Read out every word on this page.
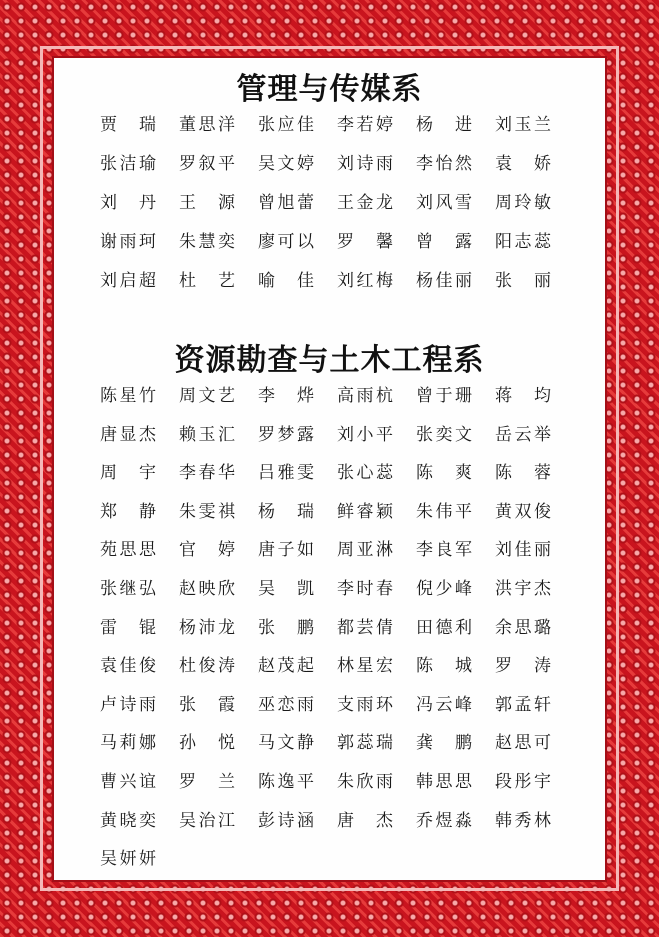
管理与传媒系
贾 瑞 董思洋 张应佳 李若婷 杨 进 刘玉兰
张洁瑜 罗叙平 吴文婷 刘诗雨 李怡然 袁 娇
刘 丹 王 源 曾旭蕾 王金龙 刘风雪 周玲敏
谢雨珂 朱慧奕 廖可以 罗 馨 曾 露 阳志蕊
刘启超 杜 艺 喻 佳 刘红梅 杨佳丽 张 丽
资源勘查与土木工程系
陈星竹 周文艺 李 烨 高雨杭 曾于珊 蒋 均
唐显杰 赖玉汇 罗梦露 刘小平 张奕文 岳云举
周 宇 李春华 吕雅雯 张心蕊 陈 爽 陈 蓉
郑 静 朱雯祺 杨 瑞 鲜睿颖 朱伟平 黄双俊
苑思思 官 婷 唐子如 周亚淋 李良军 刘佳丽
张继弘 赵映欣 吴 凯 李时春 倪少峰 洪宇杰
雷 锟 杨沛龙 张 鹏 都芸倩 田德利 余思璐
袁佳俊 杜俊涛 赵茂起 林星宏 陈 城 罗 涛
卢诗雨 张 霞 巫恋雨 支雨环 冯云峰 郭孟轩
马莉娜 孙 悦 马文静 郭蕊瑞 龚 鹏 赵思可
曹兴谊 罗 兰 陈逸平 朱欣雨 韩思思 段彤宇
黄晓奕 吴治江 彭诗涵 唐 杰 乔煜淼 韩秀林
吴妍妍
